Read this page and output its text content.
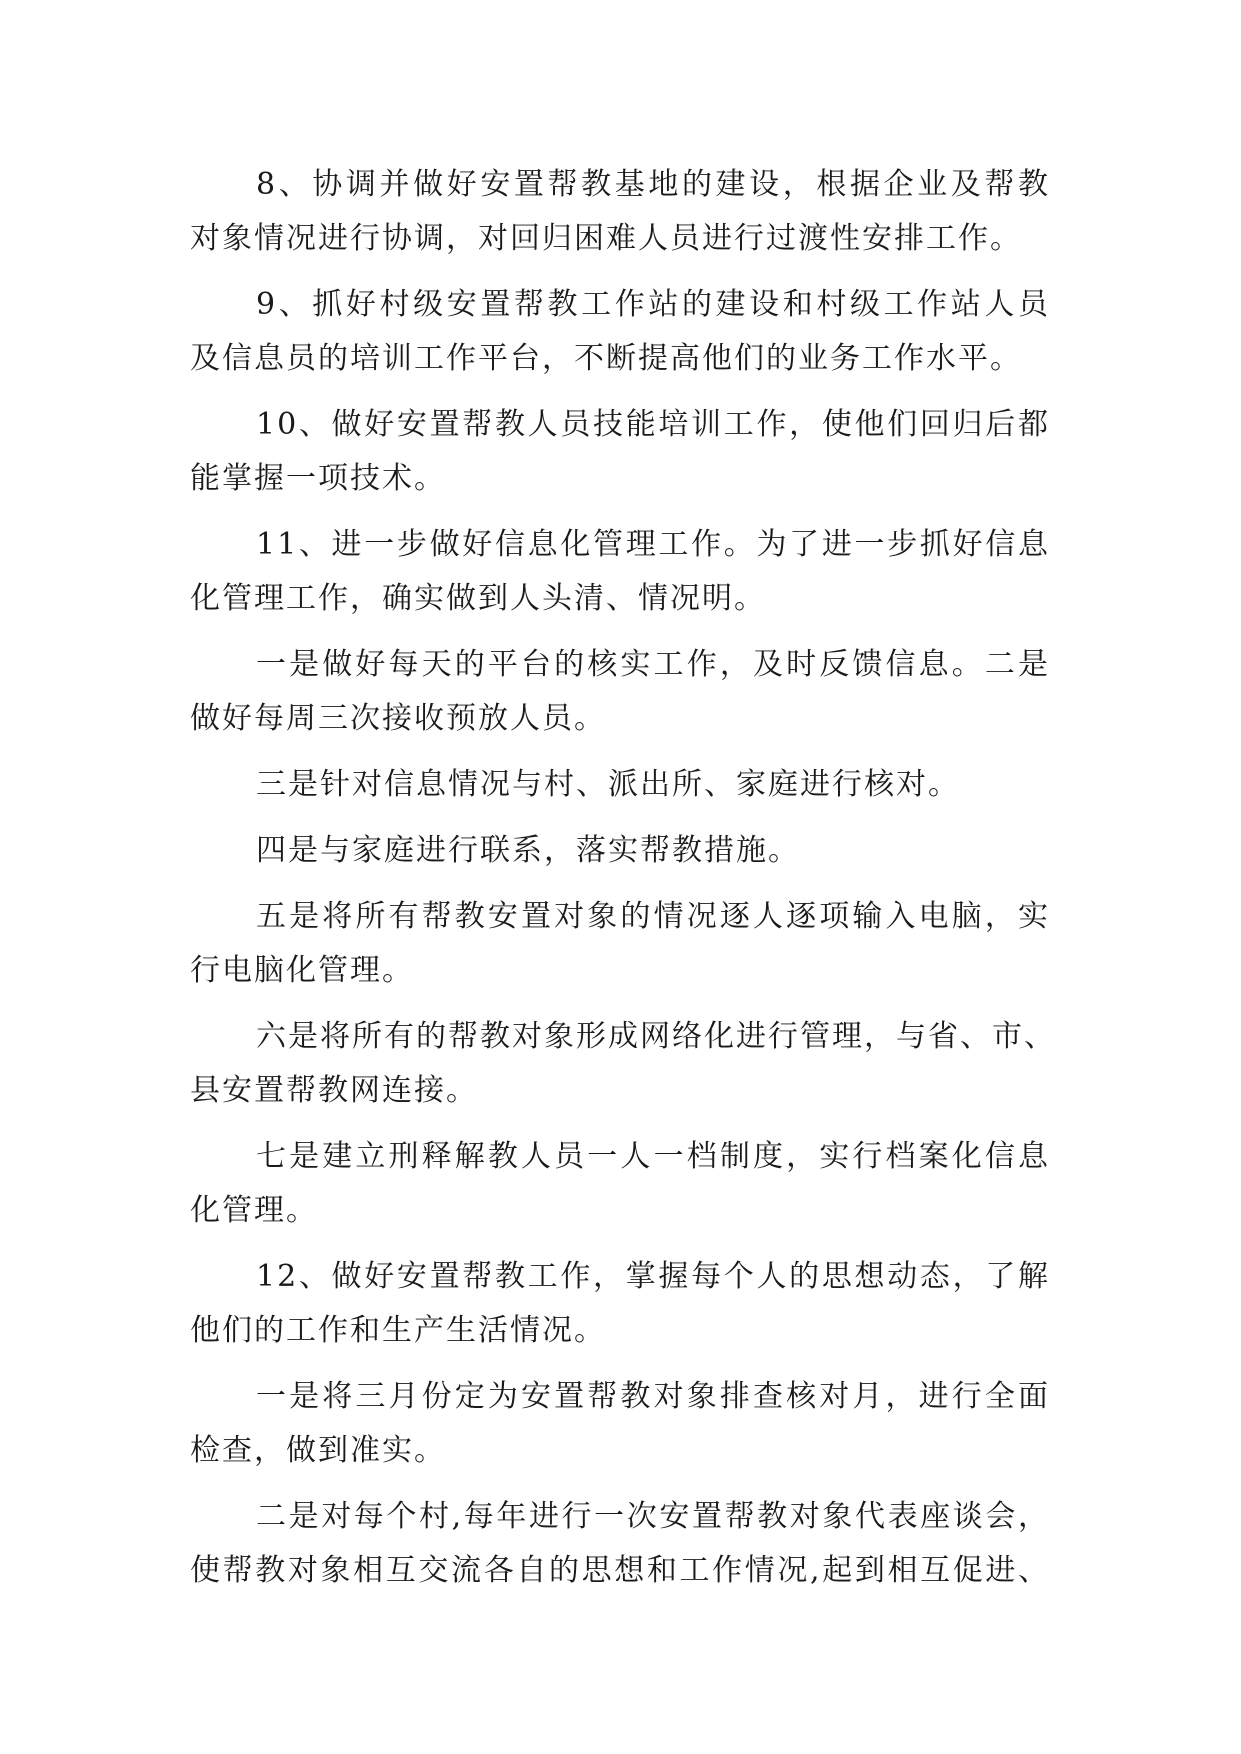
8、协调并做好安置帮教基地的建设，根据企业及帮教
对象情况进行协调，对回归困难人员进行过渡性安排工作。
9、抓好村级安置帮教工作站的建设和村级工作站人员
及信息员的培训工作平台，不断提高他们的业务工作水平。
10、做好安置帮教人员技能培训工作，使他们回归后都
能掌握一项技术。
11、进一步做好信息化管理工作。为了进一步抓好信息
化管理工作，确实做到人头清、情况明。
一是做好每天的平台的核实工作，及时反馈信息。二是
做好每周三次接收预放人员。
三是针对信息情况与村、派出所、家庭进行核对。
四是与家庭进行联系，落实帮教措施。
五是将所有帮教安置对象的情况逐人逐项输入电脑，实
行电脑化管理。
六是将所有的帮教对象形成网络化进行管理，与省、市、
县安置帮教网连接。
七是建立刑释解教人员一人一档制度，实行档案化信息
化管理。
12、做好安置帮教工作，掌握每个人的思想动态，了解
他们的工作和生产生活情况。
一是将三月份定为安置帮教对象排查核对月，进行全面
检查，做到准实。
二是对每个村,每年进行一次安置帮教对象代表座谈会，
使帮教对象相互交流各自的思想和工作情况,起到相互促进、
